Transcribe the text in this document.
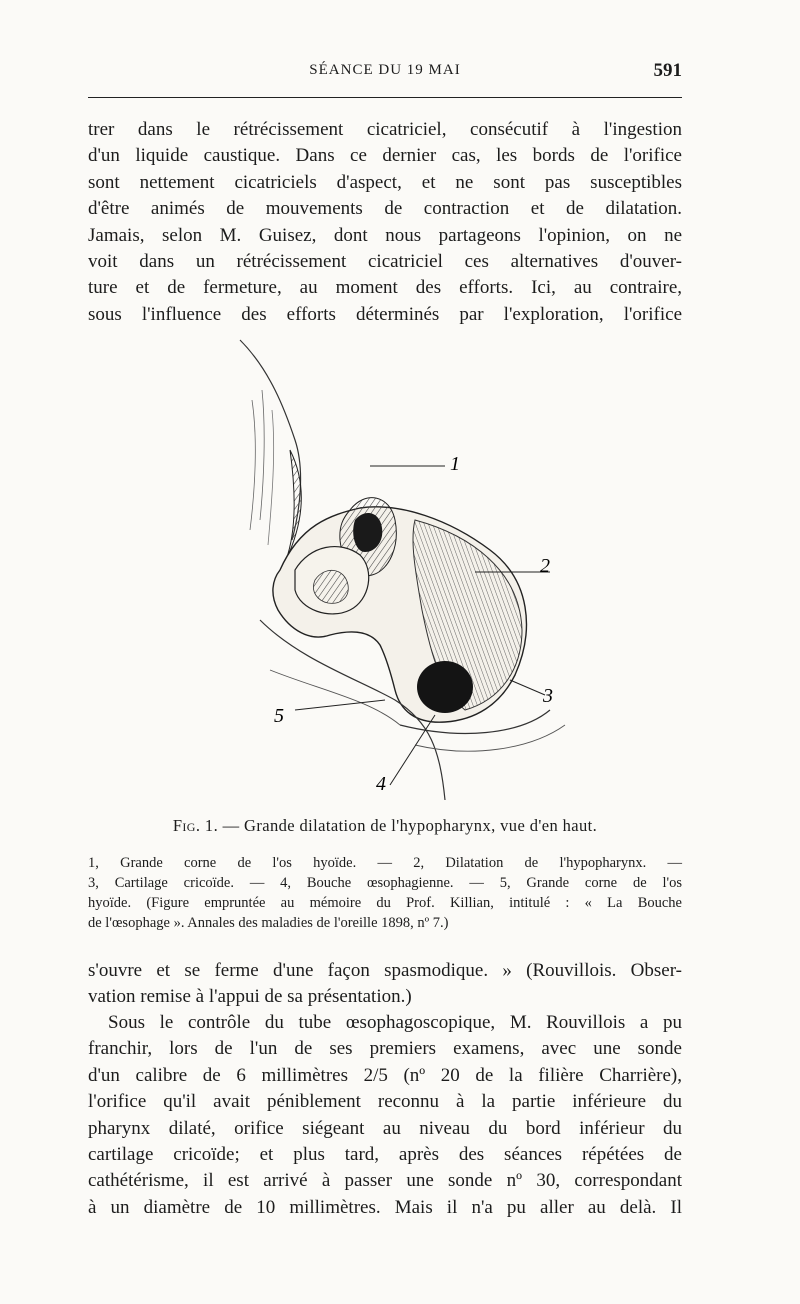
SÉANCE DU 19 MAI	591

trer dans le rétrécissement cicatriciel, consécutif à l'ingestion
d'un liquide caustique. Dans ce dernier cas, les bords de l'orifice
sont nettement cicatriciels d'aspect, et ne sont pas susceptibles
d'être animés de mouvements de contraction et de dilatation.
Jamais, selon M. Guisez, dont nous partageons l'opinion, on ne
voit dans un rétrécissement cicatriciel ces alternatives d'ouver-
ture et de fermeture, au moment des efforts. Ici, au contraire,
sous l'influence des efforts déterminés par l'exploration, l'orifice

1
2
3
4
5
Fig. 1. — Grande dilatation de l'hypopharynx, vue d'en haut.

1, Grande corne de l'os hyoïde. — 2, Dilatation de l'hypopharynx. —
3, Cartilage cricoïde. — 4, Bouche œsophagienne. — 5, Grande corne de l'os
hyoïde. (Figure empruntée au mémoire du Prof. Killian, intitulé : « La Bouche
de l'œsophage ». Annales des maladies de l'oreille 1898, nº 7.)

s'ouvre et se ferme d'une façon spasmodique. » (Rouvillois. Obser-
vation remise à l'appui de sa présentation.)

Sous le contrôle du tube œsophagoscopique, M. Rouvillois a pu
franchir, lors de l'un de ses premiers examens, avec une sonde
d'un calibre de 6 millimètres 2/5 (nº 20 de la filière Charrière),
l'orifice qu'il avait péniblement reconnu à la partie inférieure du
pharynx dilaté, orifice siégeant au niveau du bord inférieur du
cartilage cricoïde; et plus tard, après des séances répétées de
cathétérisme, il est arrivé à passer une sonde nº 30, correspondant
à un diamètre de 10 millimètres. Mais il n'a pu aller au delà. Il
